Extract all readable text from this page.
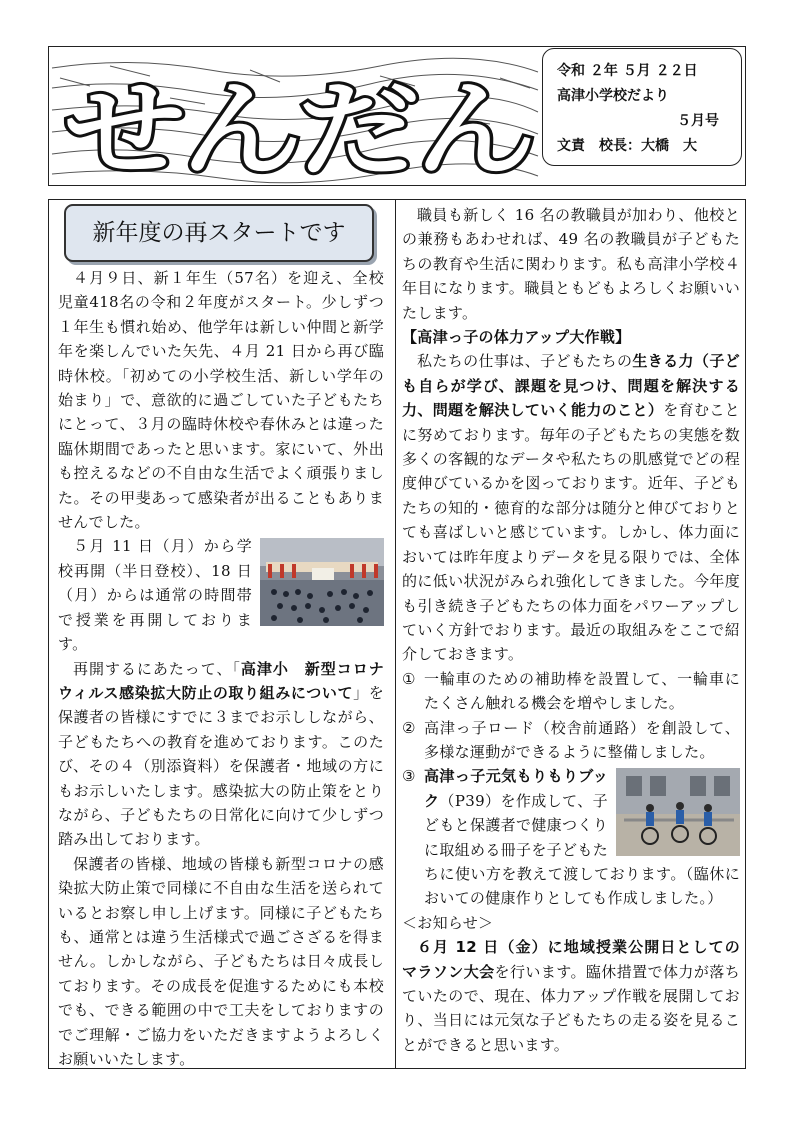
せんだん 令和 ２年 ５月 ２２日
高津小学校だより
５月号
文責　校長：大橋　大
新年度の再スタートです

４月９日、新１年生（57名）を迎え、全校児童418名の令和２年度がスタート。少しずつ１年生も慣れ始め、他学年は新しい仲間と新学年を楽しんでいた矢先、４月 21 日から再び臨時休校。「初めての小学校生活、新しい学年の始まり」で、意欲的に過ごしていた子どもたちにとって、３月の臨時休校や春休みとは違った臨休期間であったと思います。家にいて、外出も控えるなどの不自由な生活でよく頑張りました。その甲斐あって感染者が出ることもありませんでした。

５月 11 日（月）から学校再開（半日登校）、18 日（月）からは通常の時間帯で授業を再開しております。

再開するにあたって、「高津小　新型コロナウィルス感染拡大防止の取り組みについて」を保護者の皆様にすでに３までお示ししながら、子どもたちへの教育を進めております。このたび、その４（別添資料）を保護者・地域の方にもお示しいたします。感染拡大の防止策をとりながら、子どもたちの日常化に向けて少しずつ踏み出しております。

保護者の皆様、地域の皆様も新型コロナの感染拡大防止策で同様に不自由な生活を送られているとお察し申し上げます。同様に子どもたちも、通常とは違う生活様式で過ごさざるを得ません。しかしながら、子どもたちは日々成長しております。その成長を促進するためにも本校でも、できる範囲の中で工夫をしておりますのでご理解・ご協力をいただきますようよろしくお願いいたします。

職員も新しく 16 名の教職員が加わり、他校との兼務もあわせれば、49 名の教職員が子どもたちの教育や生活に関わります。私も高津小学校４年目になります。職員ともどもよろしくお願いいたします。

【高津っ子の体力アップ大作戦】

私たちの仕事は、子どもたちの生きる力（子ども自らが学び、課題を見つけ、問題を解決する力、問題を解決していく能力のこと）を育むことに努めております。毎年の子どもたちの実態を数多くの客観的なデータや私たちの肌感覚でどの程度伸びているかを図っております。近年、子どもたちの知的・徳育的な部分は随分と伸びておりとても喜ばしいと感じています。しかし、体力面においては昨年度よりデータを見る限りでは、全体的に低い状況がみられ強化してきました。今年度も引き続き子どもたちの体力面をパワーアップしていく方針でおります。最近の取組みをここで紹介しておきます。

① 一輪車のための補助棒を設置して、一輪車にたくさん触れる機会を増やしました。
② 高津っ子ロード（校舎前通路）を創設して、多様な運動ができるように整備しました。
③ 高津っ子元気もりもりブック（P39）を作成して、子どもと保護者で健康つくりに取組める冊子を子どもたちに使い方を教えて渡しております。（臨休においての健康作りとしても作成しました。）

＜お知らせ＞

６月 12 日（金）に地域授業公開日としてのマラソン大会を行います。臨休措置で体力が落ちていたので、現在、体力アップ作戦を展開しており、当日には元気な子どもたちの走る姿を見ることができると思います。
